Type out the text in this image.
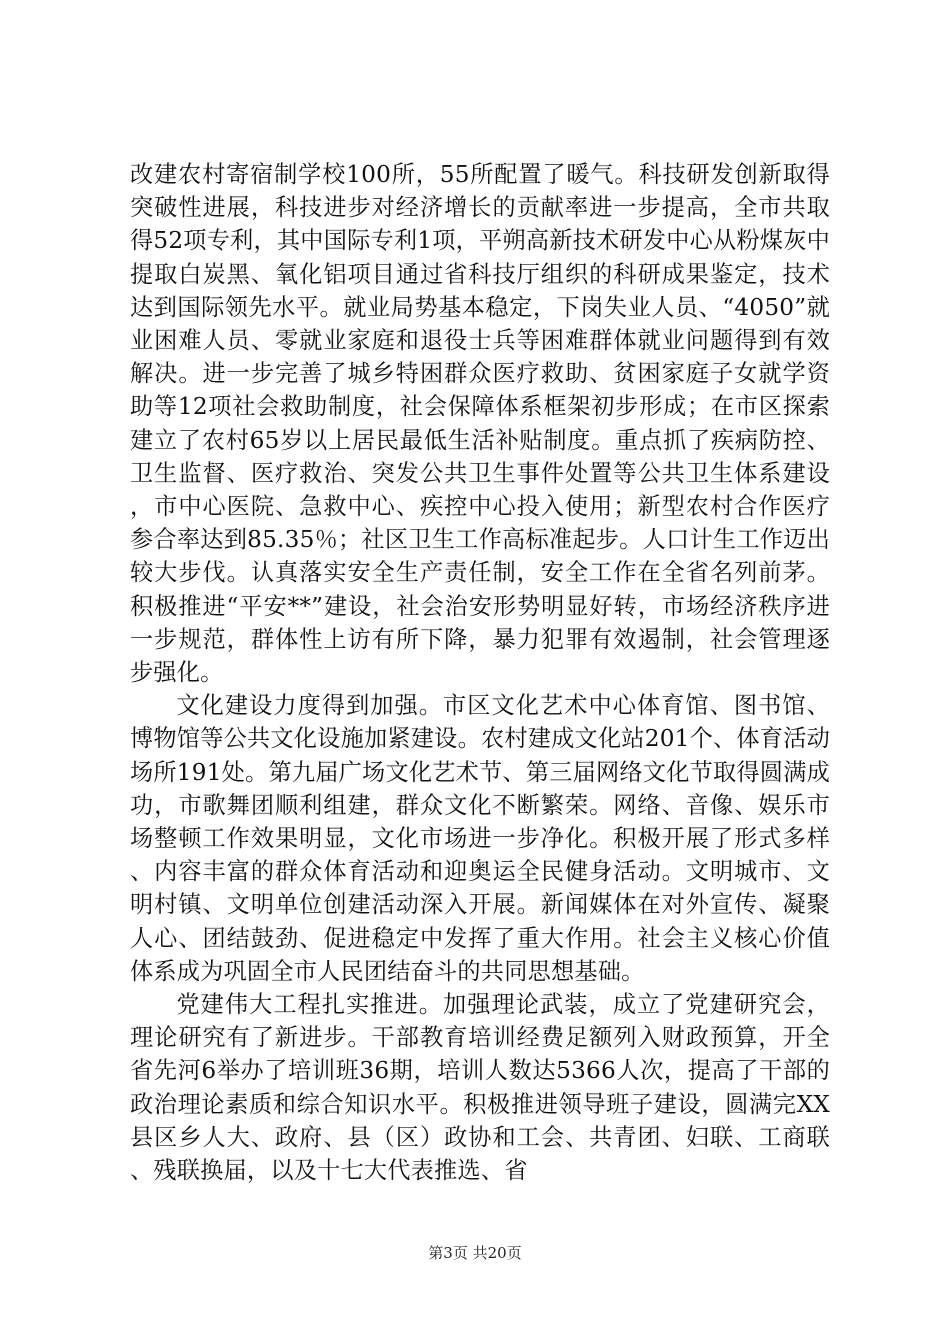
改建农村寄宿制学校100所，55所配置了暖气。科技研发创新取得突破性进展，科技进步对经济增长的贡献率进一步提高，全市共取得52项专利，其中国际专利1项，平朔高新技术研发中心从粉煤灰中提取白炭黑、氧化铝项目通过省科技厅组织的科研成果鉴定，技术达到国际领先水平。就业局势基本稳定，下岗失业人员、“4050”就业困难人员、零就业家庭和退役士兵等困难群体就业问题得到有效解决。进一步完善了城乡特困群众医疗救助、贫困家庭子女就学资助等12项社会救助制度，社会保障体系框架初步形成；在市区探索建立了农村65岁以上居民最低生活补贴制度。重点抓了疾病防控、卫生监督、医疗救治、突发公共卫生事件处置等公共卫生体系建设，市中心医院、急救中心、疾控中心投入使用；新型农村合作医疗参合率达到85.35％；社区卫生工作高标准起步。人口计生工作迈出较大步伐。认真落实安全生产责任制，安全工作在全省名列前茅。积极推进“平安**”建设，社会治安形势明显好转，市场经济秩序进一步规范，群体性上访有所下降，暴力犯罪有效遏制，社会管理逐步强化。

文化建设力度得到加强。市区文化艺术中心体育馆、图书馆、博物馆等公共文化设施加紧建设。农村建成文化站201个、体育活动场所191处。第九届广场文化艺术节、第三届网络文化节取得圆满成功，市歌舞团顺利组建，群众文化不断繁荣。网络、音像、娱乐市场整顿工作效果明显，文化市场进一步净化。积极开展了形式多样、内容丰富的群众体育活动和迎奥运全民健身活动。文明城市、文明村镇、文明单位创建活动深入开展。新闻媒体在对外宣传、凝聚人心、团结鼓劲、促进稳定中发挥了重大作用。社会主义核心价值体系成为巩固全市人民团结奋斗的共同思想基础。

党建伟大工程扎实推进。加强理论武装，成立了党建研究会，理论研究有了新进步。干部教育培训经费足额列入财政预算，开全省先河6举办了培训班36期，培训人数达5366人次，提高了干部的政治理论素质和综合知识水平。积极推进领导班子建设，圆满完XX县区乡人大、政府、县（区）政协和工会、共青团、妇联、工商联、残联换届，以及十七大代表推选、省

第3页 共20页
